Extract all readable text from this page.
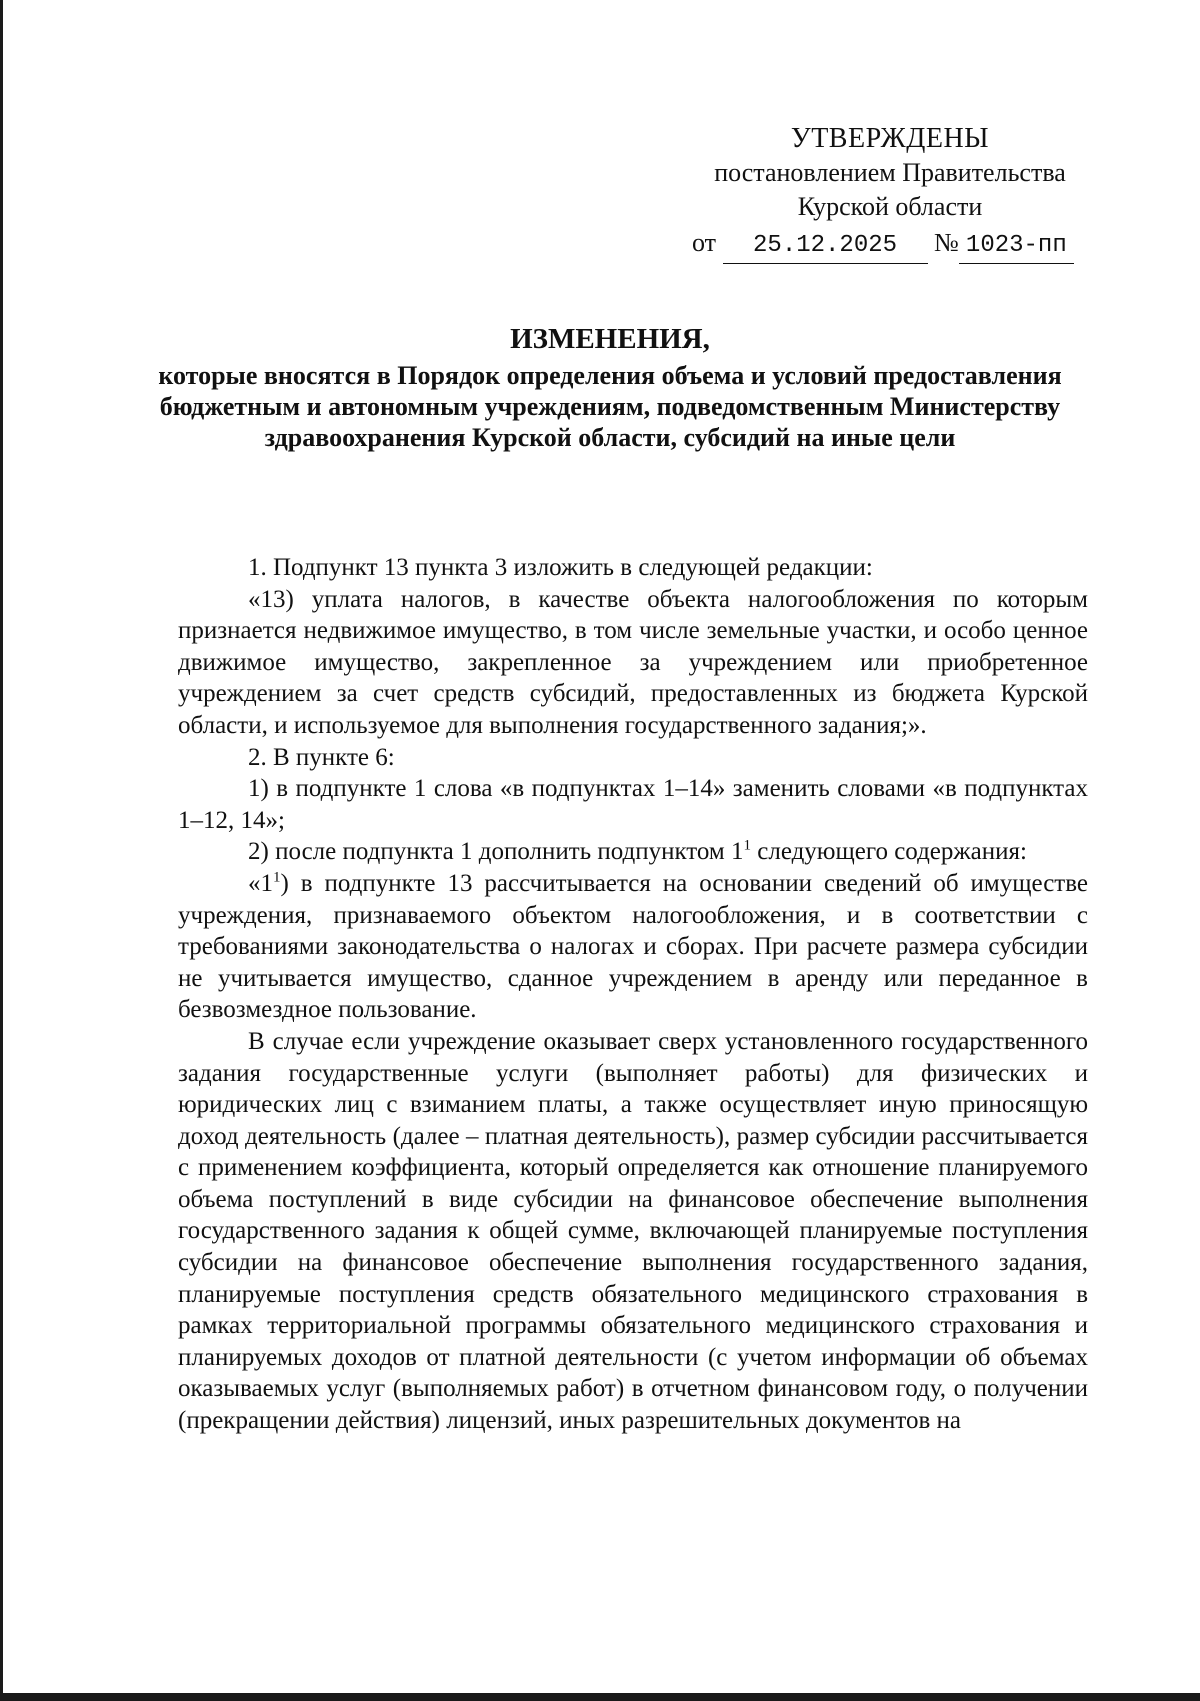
УТВЕРЖДЕНЫ
постановлением Правительства
Курской области
от 25.12.2025 № 1023-пп
ИЗМЕНЕНИЯ,
которые вносятся в Порядок определения объема и условий предоставления бюджетным и автономным учреждениям, подведомственным Министерству здравоохранения Курской области, субсидий на иные цели

1. Подпункт 13 пункта 3 изложить в следующей редакции:

«13) уплата налогов, в качестве объекта налогообложения по которым признается недвижимое имущество, в том числе земельные участки, и особо ценное движимое имущество, закрепленное за учреждением или приобретенное учреждением за счет средств субсидий, предоставленных из бюджета Курской области, и используемое для выполнения государственного задания;».

2. В пункте 6:

1) в подпункте 1 слова «в подпунктах 1–14» заменить словами «в подпунктах 1–12, 14»;

2) после подпункта 1 дополнить подпунктом $1^1$ следующего содержания:

«$1^1$) в подпункте 13 рассчитывается на основании сведений об имуществе учреждения, признаваемого объектом налогообложения, и в соответствии с требованиями законодательства о налогах и сборах. При расчете размера субсидии не учитывается имущество, сданное учреждением в аренду или переданное в безвозмездное пользование.

В случае если учреждение оказывает сверх установленного государственного задания государственные услуги (выполняет работы) для физических и юридических лиц с взиманием платы, а также осуществляет иную приносящую доход деятельность (далее – платная деятельность), размер субсидии рассчитывается с применением коэффициента, который определяется как отношение планируемого объема поступлений в виде субсидии на финансовое обеспечение выполнения государственного задания к общей сумме, включающей планируемые поступления субсидии на финансовое обеспечение выполнения государственного задания, планируемые поступления средств обязательного медицинского страхования в рамках территориальной программы обязательного медицинского страхования и планируемых доходов от платной деятельности (с учетом информации об объемах оказываемых услуг (выполняемых работ) в отчетном финансовом году, о получении (прекращении действия) лицензий, иных разрешительных документов на
